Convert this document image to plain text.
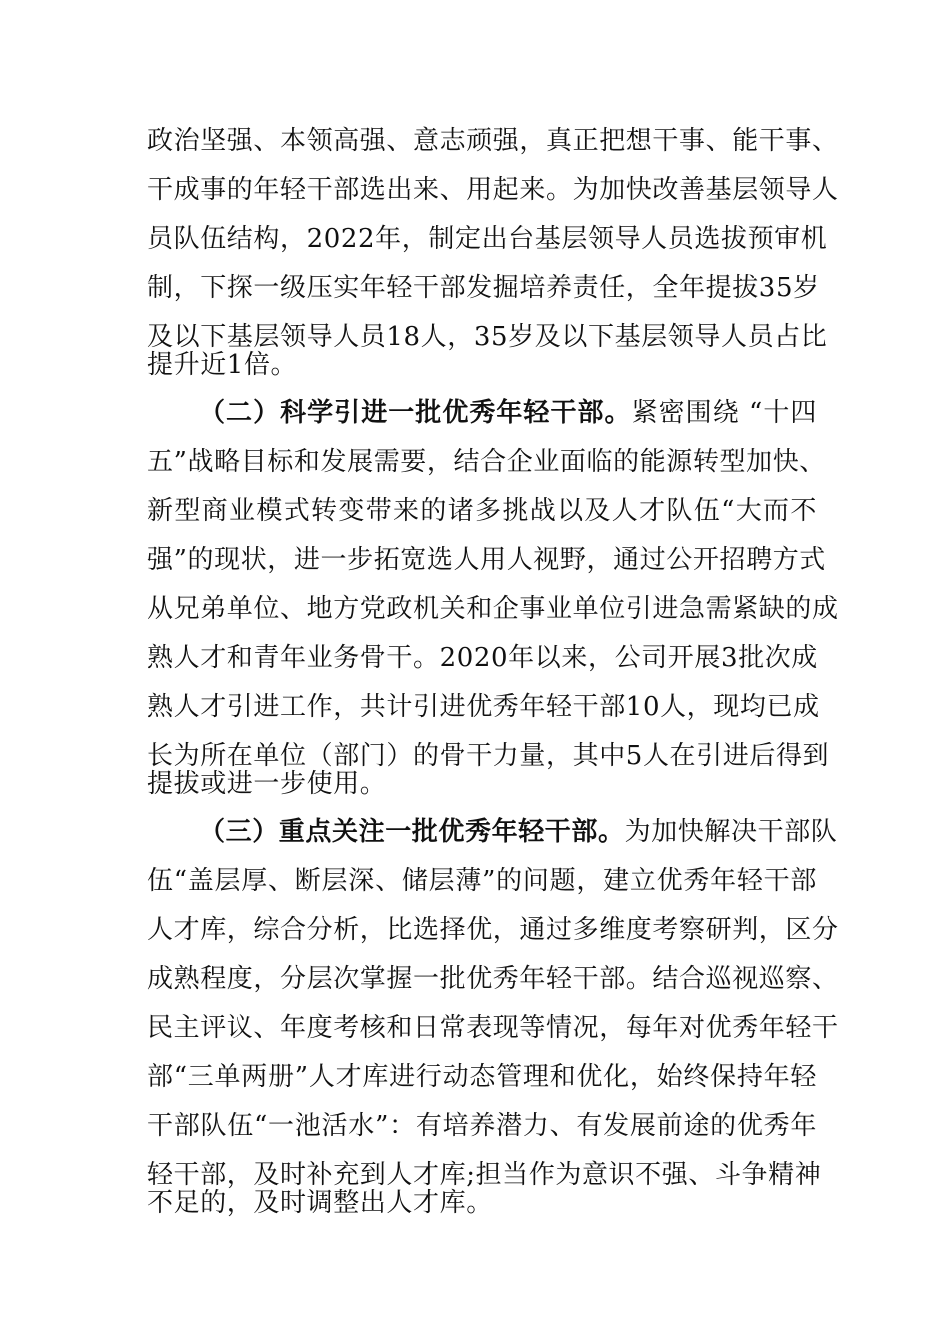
政治坚强、本领高强、意志顽强，真正把想干事、能干事、
干成事的年轻干部选出来、用起来。为加快改善基层领导人
员队伍结构，2022年，制定出台基层领导人员选拔预审机
制，下探一级压实年轻干部发掘培养责任，全年提拔35岁
及以下基层领导人员18人，35岁及以下基层领导人员占比
提升近1倍。
（二）科学引进一批优秀年轻干部。紧密围绕 “十四
五”战略目标和发展需要，结合企业面临的能源转型加快、
新型商业模式转变带来的诸多挑战以及人才队伍“大而不
强”的现状，进一步拓宽选人用人视野，通过公开招聘方式
从兄弟单位、地方党政机关和企事业单位引进急需紧缺的成
熟人才和青年业务骨干。2020年以来，公司开展3批次成
熟人才引进工作，共计引进优秀年轻干部10人，现均已成
长为所在单位（部门）的骨干力量，其中5人在引进后得到
提拔或进一步使用。
（三）重点关注一批优秀年轻干部。为加快解决干部队
伍“盖层厚、断层深、储层薄”的问题，建立优秀年轻干部
人才库，综合分析，比选择优，通过多维度考察研判，区分
成熟程度，分层次掌握一批优秀年轻干部。结合巡视巡察、
民主评议、年度考核和日常表现等情况，每年对优秀年轻干
部“三单两册”人才库进行动态管理和优化，始终保持年轻
干部队伍“一池活水”：有培养潜力、有发展前途的优秀年
轻干部，及时补充到人才库;担当作为意识不强、斗争精神
不足的，及时调整出人才库。
